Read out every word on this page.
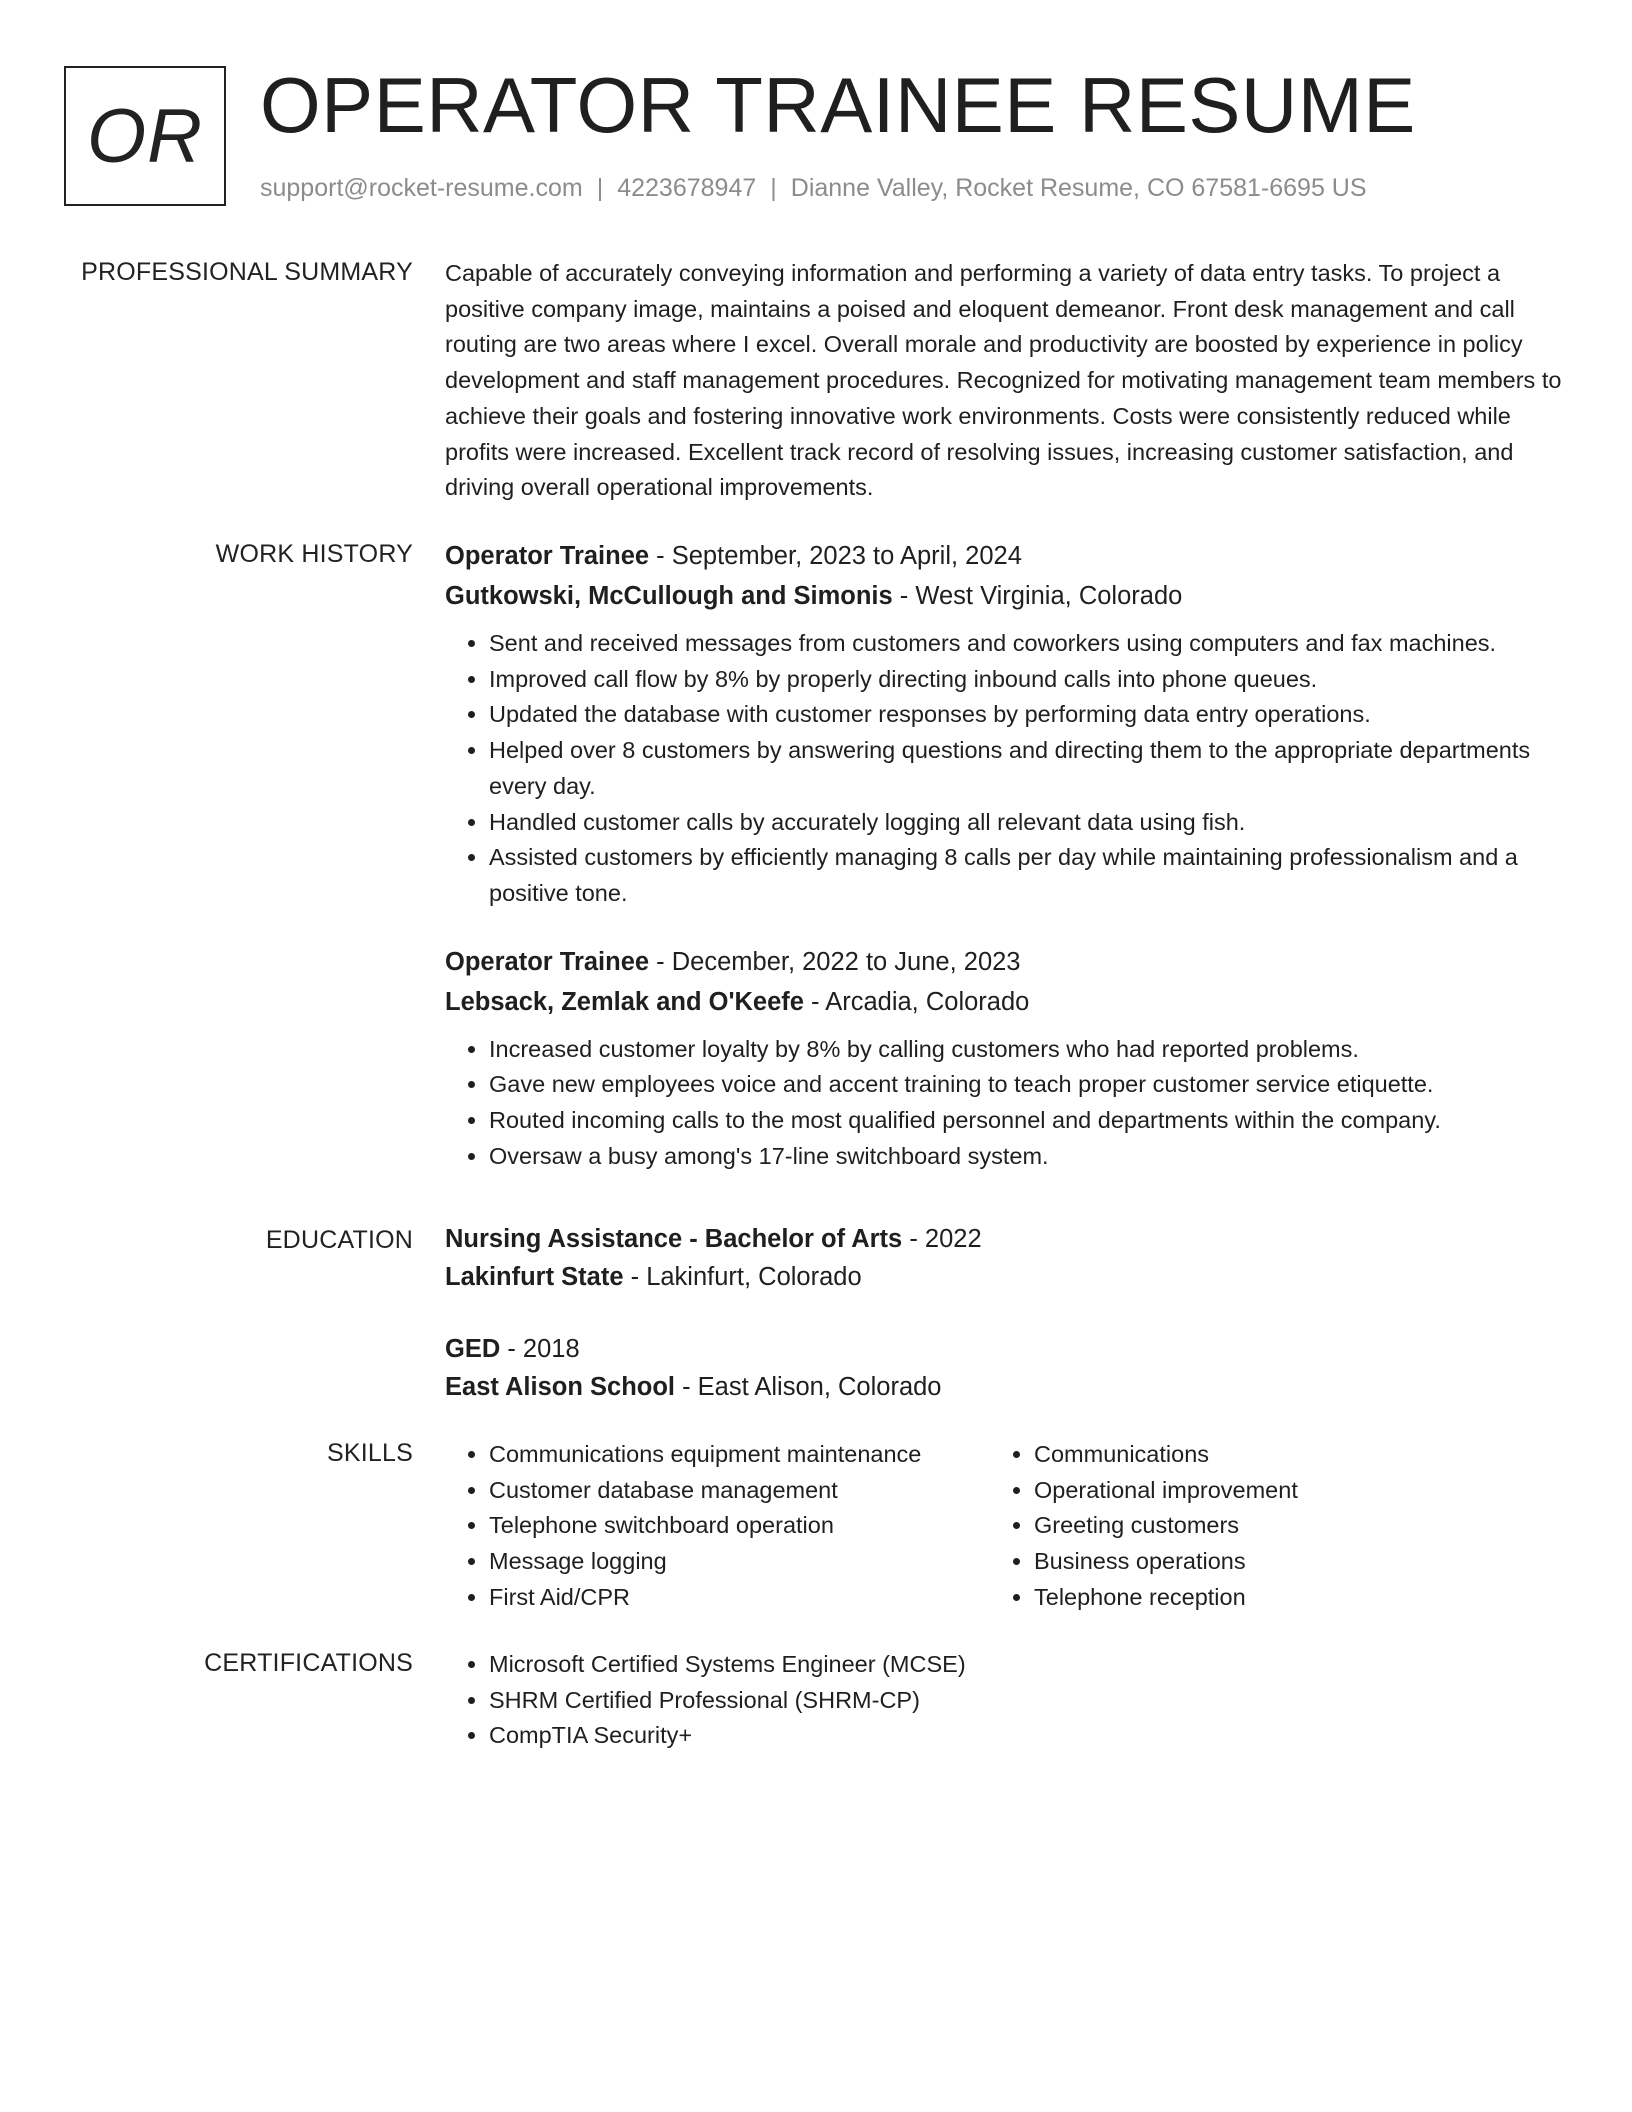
OR OPERATOR TRAINEE RESUME
support@rocket-resume.com | 4223678947 | Dianne Valley, Rocket Resume, CO 67581-6695 US
PROFESSIONAL SUMMARY Capable of accurately conveying information and performing a variety of data entry tasks. To project a positive company image, maintains a poised and eloquent demeanor. Front desk management and call routing are two areas where I excel. Overall morale and productivity are boosted by experience in policy development and staff management procedures. Recognized for motivating management team members to achieve their goals and fostering innovative work environments. Costs were consistently reduced while profits were increased. Excellent track record of resolving issues, increasing customer satisfaction, and driving overall operational improvements.

WORK HISTORY Operator Trainee - September, 2023 to April, 2024
Gutkowski, McCullough and Simonis - West Virginia, Colorado
• Sent and received messages from customers and coworkers using computers and fax machines.
• Improved call flow by 8% by properly directing inbound calls into phone queues.
• Updated the database with customer responses by performing data entry operations.
• Helped over 8 customers by answering questions and directing them to the appropriate departments every day.
• Handled customer calls by accurately logging all relevant data using fish.
• Assisted customers by efficiently managing 8 calls per day while maintaining professionalism and a positive tone.
Operator Trainee - December, 2022 to June, 2023
Lebsack, Zemlak and O'Keefe - Arcadia, Colorado
• Increased customer loyalty by 8% by calling customers who had reported problems.
• Gave new employees voice and accent training to teach proper customer service etiquette.
• Routed incoming calls to the most qualified personnel and departments within the company.
• Oversaw a busy among's 17-line switchboard system.
EDUCATION Nursing Assistance - Bachelor of Arts - 2022
Lakinfurt State - Lakinfurt, Colorado
GED - 2018
East Alison School - East Alison, Colorado
SKILLS	• Communications equipment maintenance
• Customer database management
• Telephone switchboard operation
• Message logging
• First Aid/CPR
• Communications
• Operational improvement
• Greeting customers
• Business operations
• Telephone reception
CERTIFICATIONS	• Microsoft Certified Systems Engineer (MCSE)
• SHRM Certified Professional (SHRM-CP)
• CompTIA Security+
